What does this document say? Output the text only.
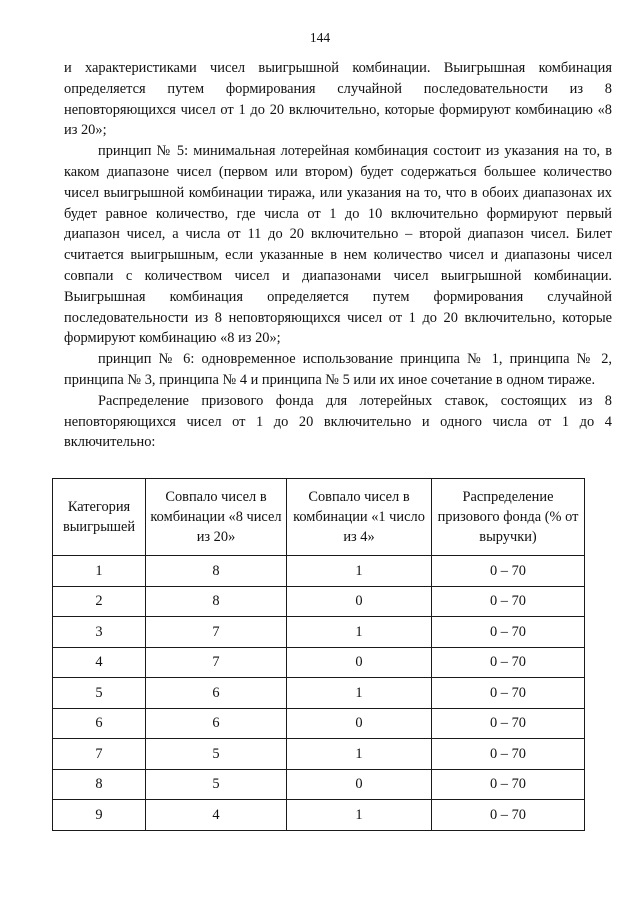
144

и характеристиками чисел выигрышной комбинации. Выигрышная комбинация определяется путем формирования случайной последовательности из 8 неповторяющихся чисел от 1 до 20 включительно, которые формируют комбинацию «8 из 20»;

принцип № 5: минимальная лотерейная комбинация состоит из указания на то, в каком диапазоне чисел (первом или втором) будет содержаться большее количество чисел выигрышной комбинации тиража, или указания на то, что в обоих диапазонах их будет равное количество, где числа от 1 до 10 включительно формируют первый диапазон чисел, а числа от 11 до 20 включительно – второй диапазон чисел. Билет считается выигрышным, если указанные в нем количество чисел и диапазоны чисел совпали с количеством чисел и диапазонами чисел выигрышной комбинации. Выигрышная комбинация определяется путем формирования случайной последовательности из 8 неповторяющихся чисел от 1 до 20 включительно, которые формируют комбинацию «8 из 20»;

принцип № 6: одновременное использование принципа № 1, принципа № 2, принципа № 3, принципа № 4 и принципа № 5 или их иное сочетание в одном тираже.

Распределение призового фонда для лотерейных ставок, состоящих из 8 неповторяющихся чисел от 1 до 20 включительно и одного числа от 1 до 4 включительно:

Категория выигрышей	Совпало чисел в комбинации «8 чисел из 20»	Совпало чисел в комбинации «1 число из 4»	Распределение призового фонда (% от выручки)
1	8	1	0 – 70
2	8	0	0 – 70
3	7	1	0 – 70
4	7	0	0 – 70
5	6	1	0 – 70
6	6	0	0 – 70
7	5	1	0 – 70
8	5	0	0 – 70
9	4	1	0 – 70
